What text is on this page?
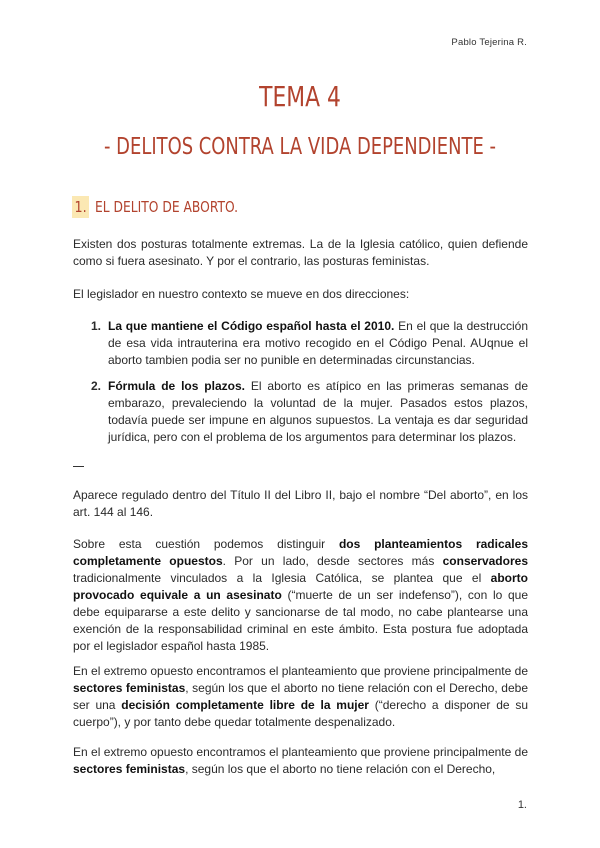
Pablo Tejerina R.
TEMA 4
- DELITOS CONTRA LA VIDA DEPENDIENTE -
1. EL DELITO DE ABORTO.

Existen dos posturas totalmente extremas. La de la Iglesia católico, quien defiende como si fuera asesinato. Y por el contrario, las posturas feministas.

El legislador en nuestro contexto se mueve en dos direcciones:

1. La que mantiene el Código español hasta el 2010. En el que la destrucción de esa vida intrauterina era motivo recogido en el Código Penal. AUqnue el aborto tambien podia ser no punible en determinadas circunstancias.
2. Fórmula de los plazos. El aborto es atípico en las primeras semanas de embarazo, prevaleciendo la voluntad de la mujer. Pasados estos plazos, todavía puede ser impune en algunos supuestos. La ventaja es dar seguridad jurídica, pero con el problema de los argumentos para determinar los plazos.

Aparece regulado dentro del Título II del Libro II, bajo el nombre “Del aborto”, en los art. 144 al 146.

Sobre esta cuestión podemos distinguir dos planteamientos radicales completamente opuestos. Por un lado, desde sectores más conservadores tradicionalmente vinculados a la Iglesia Católica, se plantea que el aborto provocado equivale a un asesinato (“muerte de un ser indefenso”), con lo que debe equipararse a este delito y sancionarse de tal modo, no cabe plantearse una exención de la responsabilidad criminal en este ámbito. Esta postura fue adoptada por el legislador español hasta 1985.

En el extremo opuesto encontramos el planteamiento que proviene principalmente de sectores feministas, según los que el aborto no tiene relación con el Derecho, debe ser una decisión completamente libre de la mujer (“derecho a disponer de su cuerpo”), y por tanto debe quedar totalmente despenalizado.

En el extremo opuesto encontramos el planteamiento que proviene principalmente de sectores feministas, según los que el aborto no tiene relación con el Derecho,

1.
